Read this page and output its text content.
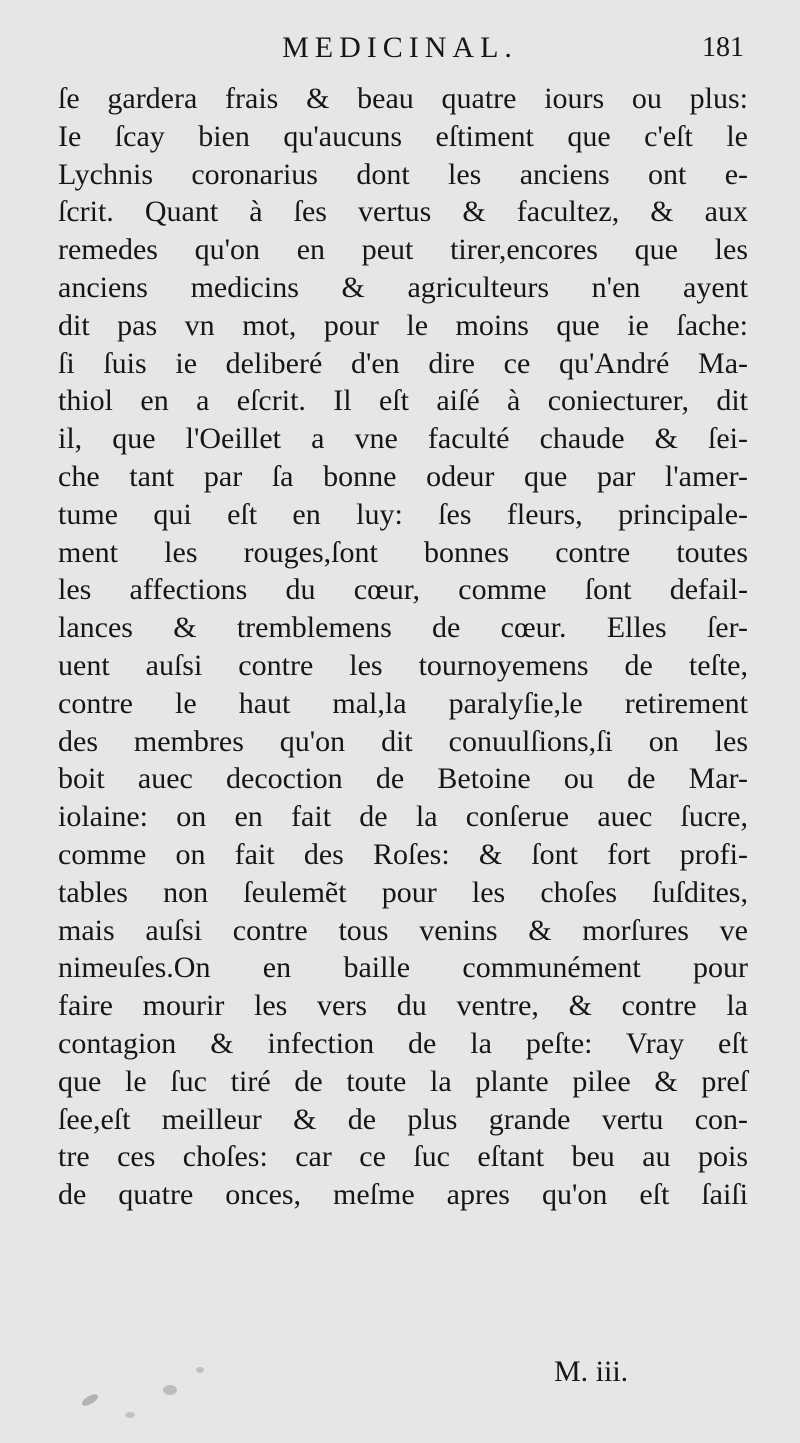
MEDICINAL.	181
ſe gardera frais & beau quatre iours ou plus:
Ie ſcay bien qu'aucuns eſtiment que c'eſt le
Lychnis coronarius dont les anciens ont e-
ſcrit. Quant à ſes vertus & facultez, & aux
remedes qu'on en peut tirer,encores que les
anciens medicins & agriculteurs n'en ayent
dit pas vn mot, pour le moins que ie ſache:
ſi ſuis ie deliberé d'en dire ce qu'André Ma-
thiol en a eſcrit. Il eſt aiſé à coniecturer, dit
il, que l'Oeillet a vne faculté chaude & ſei-
che tant par ſa bonne odeur que par l'amer-
tume qui eſt en luy: ſes fleurs, principale-
ment les rouges,ſont bonnes contre toutes
les affections du cœur, comme ſont defail-
lances & tremblemens de cœur. Elles ſer-
uent auſsi contre les tournoyemens de teſte,
contre le haut mal,la paralyſie,le retirement
des membres qu'on dit conuulſions,ſi on les
boit auec decoction de Betoine ou de Mar-
iolaine: on en fait de la conſerue auec ſucre,
comme on fait des Roſes: & ſont fort profi-
tables non ſeulemẽt pour les choſes ſuſdites,
mais auſsi contre tous venins & morſures ve
nimeuſes.On en baille communément pour
faire mourir les vers du ventre, & contre la
contagion & infection de la peſte: Vray eſt
que le ſuc tiré de toute la plante pilee & preſ
ſee,eſt meilleur & de plus grande vertu con-
tre ces choſes: car ce ſuc eſtant beu au pois
de quatre onces, meſme apres qu'on eſt ſaiſi
M. iii.
